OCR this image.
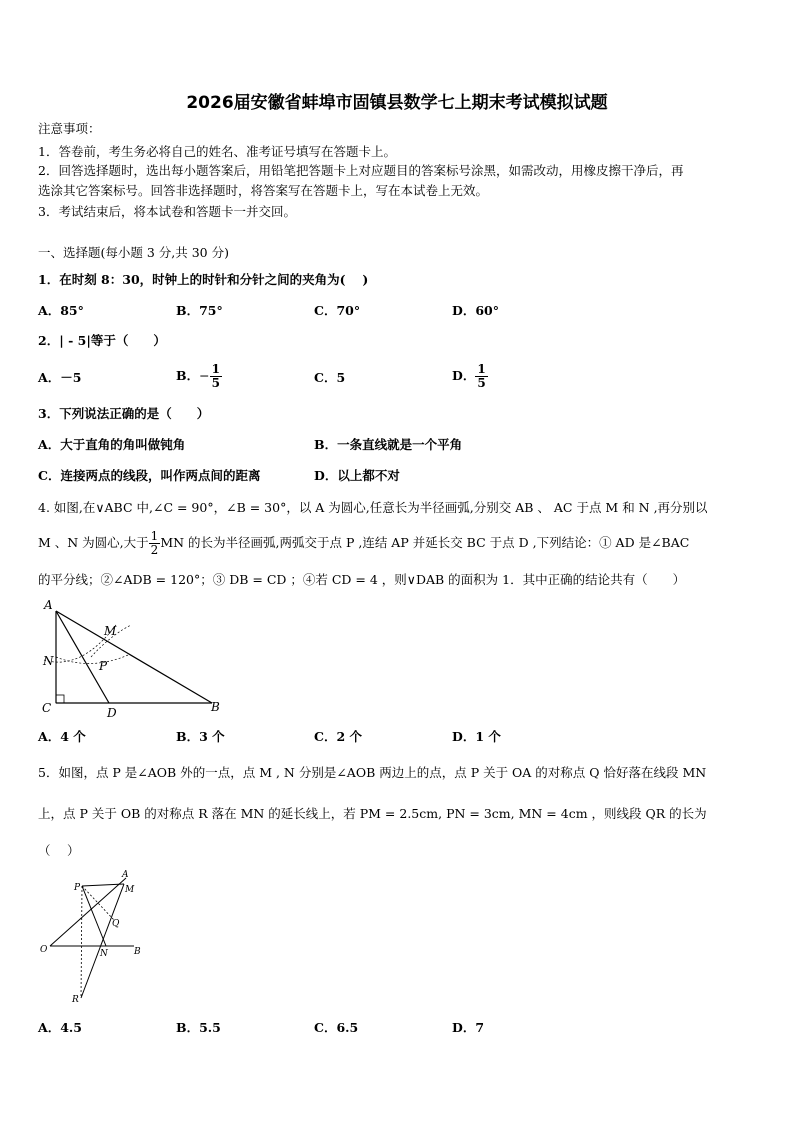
2026届安徽省蚌埠市固镇县数学七上期末考试模拟试题
注意事项：
1．答卷前，考生务必将自己的姓名、准考证号填写在答题卡上。
2．回答选择题时，选出每小题答案后，用铅笔把答题卡上对应题目的答案标号涂黑，如需改动，用橡皮擦干净后，再
选涂其它答案标号。回答非选择题时，将答案写在答题卡上，写在本试卷上无效。
3．考试结束后，将本试卷和答题卡一并交回。
一、选择题(每小题 3 分,共 30 分)
1．在时刻 8：30，时钟上的时针和分针之间的夹角为(　 )
A．85°	B．75°	C．70°	D．60°
2．| - 5|等于（　　）
A．－5	B． − $\frac{1}{5}$	C．5	D． $\frac{1}{5}$
3．下列说法正确的是（　　）
A．大于直角的角叫做钝角	B．一条直线就是一个平角
C．连接两点的线段，叫作两点间的距离	D．以上都不对
4. 如图,在∨ABC 中,∠C = 90°，∠B = 30°，以 A 为圆心,任意长为半径画弧,分别交 AB 、 AC 于点 M 和 N ,再分别以
M 、N 为圆心,大于 $\frac{1}{2}$ MN 的长为半径画弧,两弧交于点 P ,连结 AP 并延长交 BC 于点 D ,下列结论：① AD 是∠BAC
的平分线；②∠ADB = 120°；③ DB = CD ；④若 CD = 4 ，则∨DAB 的面积为 1．其中正确的结论共有（　　）
A
M
N	P
C	D	B
A．4 个	B．3 个	C．2 个	D．1 个
5．如图，点 P 是∠AOB 外的一点，点 M , N 分别是∠AOB 两边上的点，点 P 关于 OA 的对称点 Q 恰好落在线段 MN
上，点 P 关于 OB 的对称点 R 落在 MN 的延长线上，若 PM = 2.5cm, PN = 3cm, MN = 4cm ，则线段 QR 的长为
（　 ）
P
A
M
Q
O	N	B
R
A．4.5	B．5.5	C．6.5	D．7
